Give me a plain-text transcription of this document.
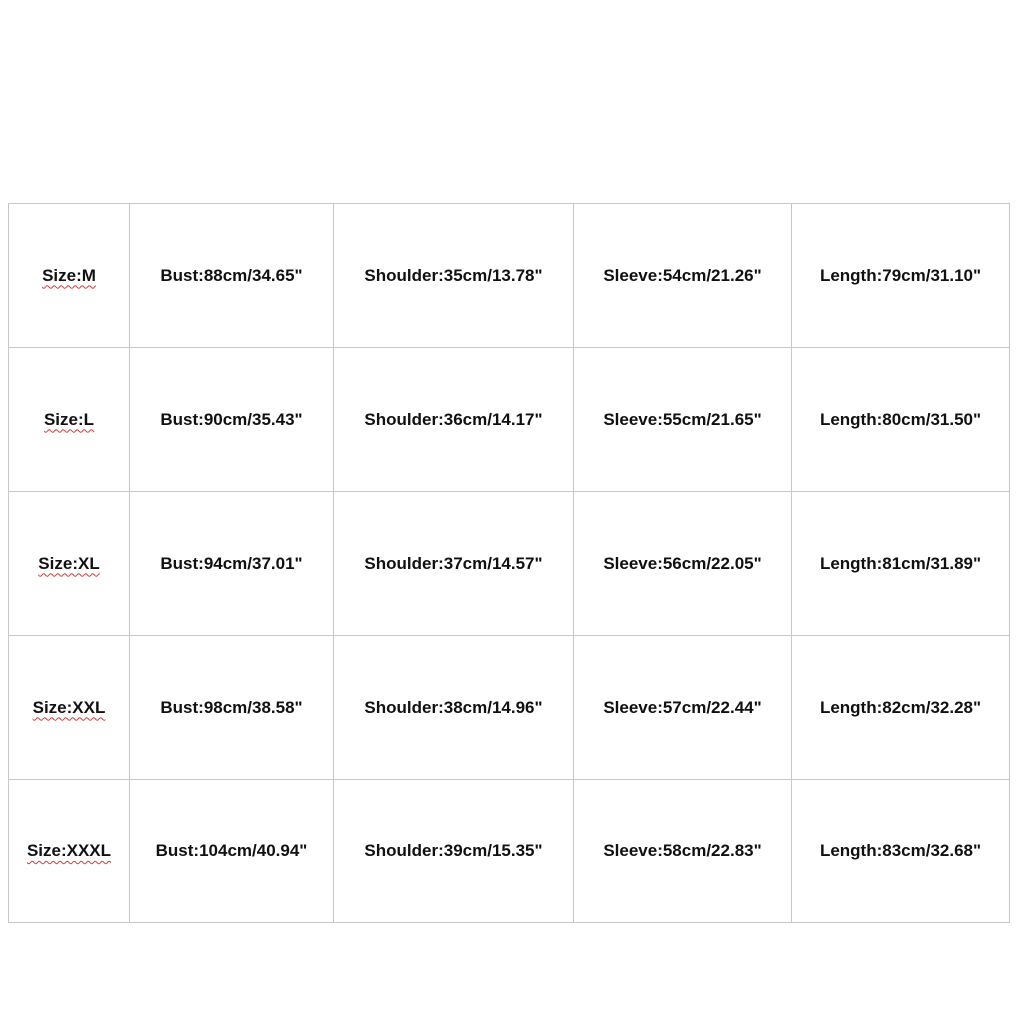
Size:M	Bust:88cm/34.65"	Shoulder:35cm/13.78"	Sleeve:54cm/21.26"	Length:79cm/31.10"
Size:L	Bust:90cm/35.43"	Shoulder:36cm/14.17"	Sleeve:55cm/21.65"	Length:80cm/31.50"
Size:XL	Bust:94cm/37.01"	Shoulder:37cm/14.57"	Sleeve:56cm/22.05"	Length:81cm/31.89"
Size:XXL	Bust:98cm/38.58"	Shoulder:38cm/14.96"	Sleeve:57cm/22.44"	Length:82cm/32.28"
Size:XXXL	Bust:104cm/40.94"	Shoulder:39cm/15.35"	Sleeve:58cm/22.83"	Length:83cm/32.68"
